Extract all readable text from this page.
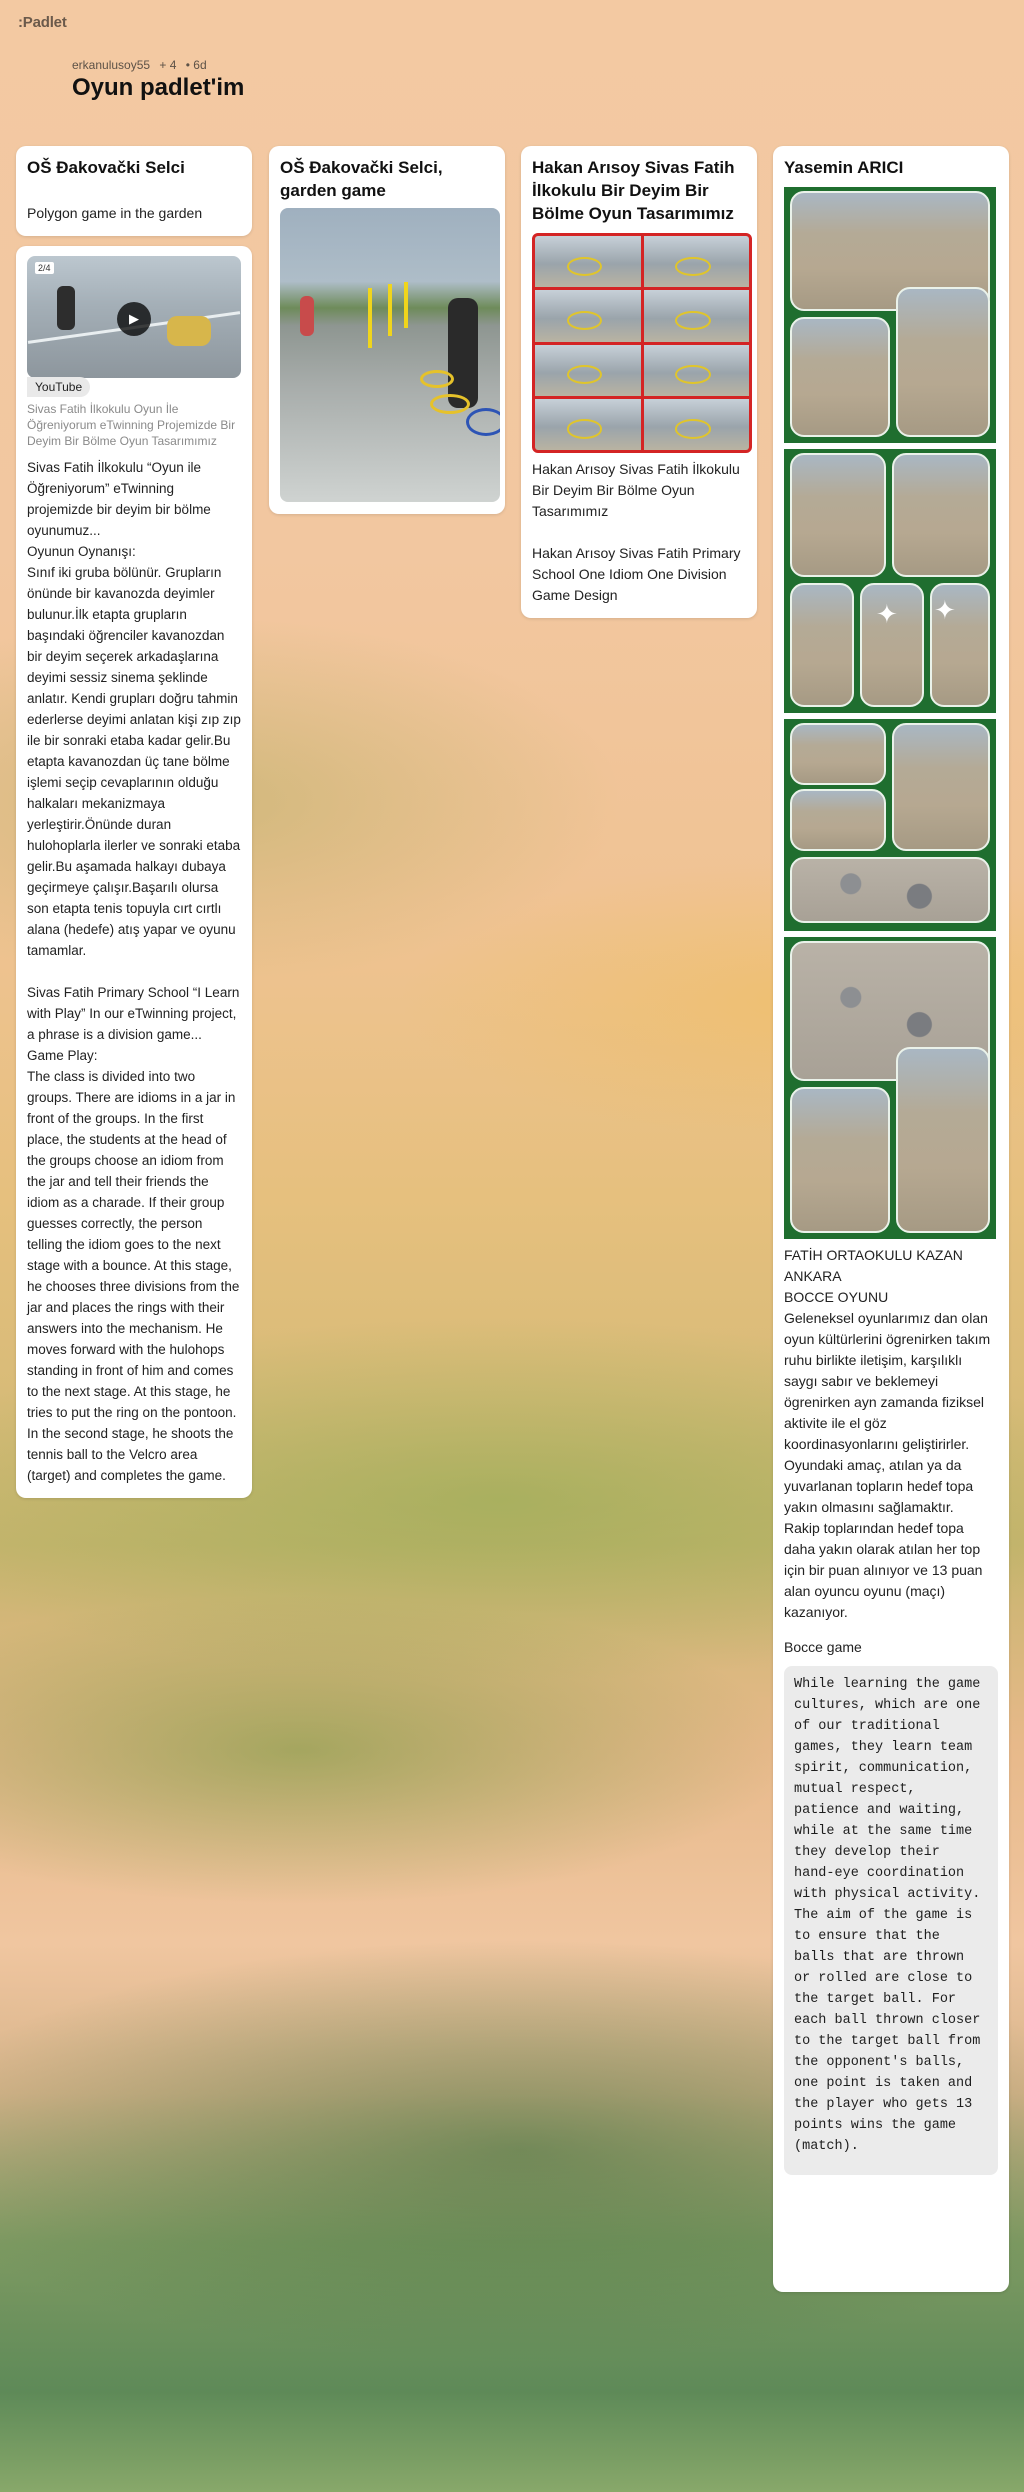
:Padlet
erkanulusoy55 + 4 • 6d
Oyun padlet'im
OŠ Đakovački Selci
Polygon game in the garden
2/4
▶
YouTube
Sivas Fatih İlkokulu Oyun İle Öğreniyorum eTwinning Projemizde Bir Deyim Bir Bölme Oyun Tasarımımız
Sivas Fatih İlkokulu “Oyun ile Öğreniyorum” eTwinning projemizde bir deyim bir bölme oyunumuz...
Oyunun Oynanışı:
Sınıf iki gruba bölünür. Grupların önünde bir kavanozda deyimler bulunur.İlk etapta grupların başındaki öğrenciler kavanozdan bir deyim seçerek arkadaşlarına deyimi sessiz sinema şeklinde anlatır. Kendi grupları doğru tahmin ederlerse deyimi anlatan kişi zıp zıp ile bir sonraki etaba kadar gelir.Bu etapta kavanozdan üç tane bölme işlemi seçip cevaplarının olduğu halkaları mekanizmaya yerleştirir.Önünde duran hulohoplarla ilerler ve sonraki etaba gelir.Bu aşamada halkayı dubaya geçirmeye çalışır.Başarılı olursa son etapta tenis topuyla cırt cırtlı alana (hedefe) atış yapar ve oyunu tamamlar.

Sivas Fatih Primary School “I Learn with Play” In our eTwinning project, a phrase is a division game...
Game Play:
The class is divided into two groups. There are idioms in a jar in front of the groups. In the first place, the students at the head of the groups choose an idiom from the jar and tell their friends the idiom as a charade. If their group guesses correctly, the person telling the idiom goes to the next stage with a bounce. At this stage, he chooses three divisions from the jar and places the rings with their answers into the mechanism. He moves forward with the hulohops standing in front of him and comes to the next stage. At this stage, he tries to put the ring on the pontoon. In the second stage, he shoots the tennis ball to the Velcro area (target) and completes the game.
OŠ Đakovački Selci, garden game
Hakan Arısoy Sivas Fatih İlkokulu Bir Deyim Bir Bölme Oyun Tasarımımız
Hakan Arısoy Sivas Fatih İlkokulu Bir Deyim Bir Bölme Oyun Tasarımımız

Hakan Arısoy Sivas Fatih Primary School One Idiom One Division Game Design
Yasemin ARICI
✦ ✦
FATİH ORTAOKULU KAZAN ANKARA
BOCCE OYUNU
Geleneksel oyunlarımız dan olan oyun kültürlerini ögrenirken takım ruhu birlikte iletişim, karşılıklı saygı sabır ve beklemeyi ögrenirken ayn zamanda fiziksel aktivite ile el göz koordinasyonlarını geliştirirler.
Oyundaki amaç, atılan ya da yuvarlanan topların hedef topa yakın olmasını sağlamaktır.
Rakip toplarından hedef topa daha yakın olarak atılan her top için bir puan alınıyor ve 13 puan alan oyuncu oyunu (maçı) kazanıyor.
Bocce game
While learning the game cultures, which are one of our traditional games, they learn team spirit, communication, mutual respect, patience and waiting, while at the same time they develop their hand-eye coordination with physical activity.
The aim of the game is to ensure that the balls that are thrown or rolled are close to the target ball. For each ball thrown closer to the target ball from the opponent's balls, one point is taken and the player who gets 13 points wins the game (match).
